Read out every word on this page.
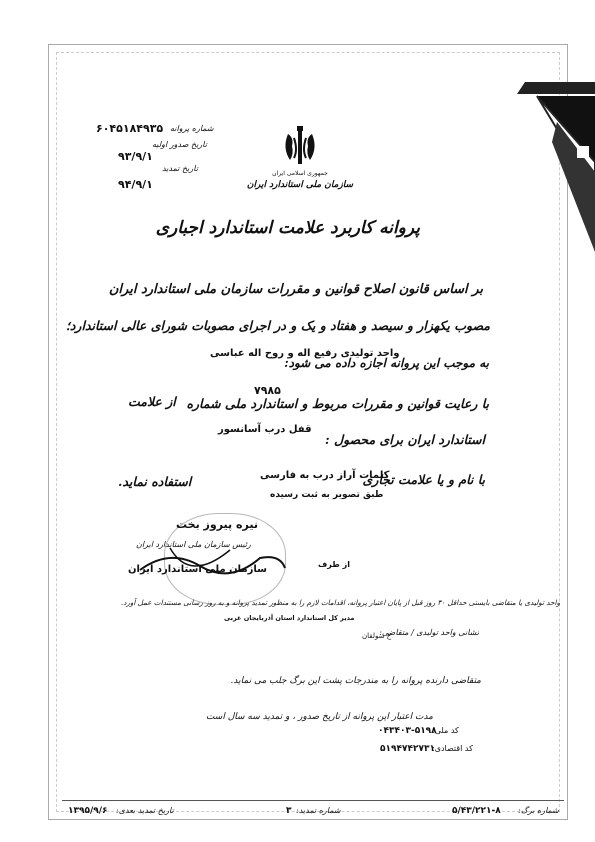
۶۰۴۵۱۸۴۹۳۵ شماره پروانه
تاریخ صدور اولیه
۹۳/۹/۱
تاریخ تمدید
۹۴/۹/۱
جمهوری اسلامی ایران
سازمان ملی استاندارد ایران
پروانه کاربرد علامت استاندارد اجباری
بر اساس قانون اصلاح قوانین و مقررات سازمان ملی استاندارد ایران
مصوب یکهزار و سیصد و هفتاد و یک و در اجرای مصوبات شورای عالی استاندارد؛
به موجب این پروانه اجازه داده می شود:
واحد تولیدی رفیع اله و روح اله عباسی
با رعایت قوانین و مقررات مربوط و استاندارد ملی شماره
۷۹۸۵
از علامت
استاندارد ایران برای محصول :
قفل درب آسانسور
با نام و یا علامت تجاری
کلمات آراز درب به فارسی
طبق تصویر به ثبت رسیده
استفاده نماید.
نیره پیروز بخت
رئیس سازمان ملی استاندارد ایران
سازمان ملی استاندارد ایران	از طرف
واحد تولیدی یا متقاضی بایستی حداقل ۳۰ روز قبل از پایان اعتبار پروانه، اقدامات لازم را به منظور تمدید پروانه و به روز رسانی مستندات عمل آورد.
مدیر کل استاندارد استان آذربایجان غربی
نشانی واحد تولیدی / متقاضی:
خ سولقان
متقاضی دارنده پروانه را به مندرجات پشت این برگ جلب می نماید.
مدت اعتبار این پروانه از تاریخ صدور ، و تمدید سه سال است
کد ملی:
۰۴۳۴۰۳-۵۱۹۸
کد اقتصادی:
۵۱۹۴۷۴۲۷۳۱
تاریخ تمدید بعدی:
۱۳۹۵/۹/۶	شماره تمدید:
۳	شماره برگ:
۵/۴۳/۲۲۱-۸
